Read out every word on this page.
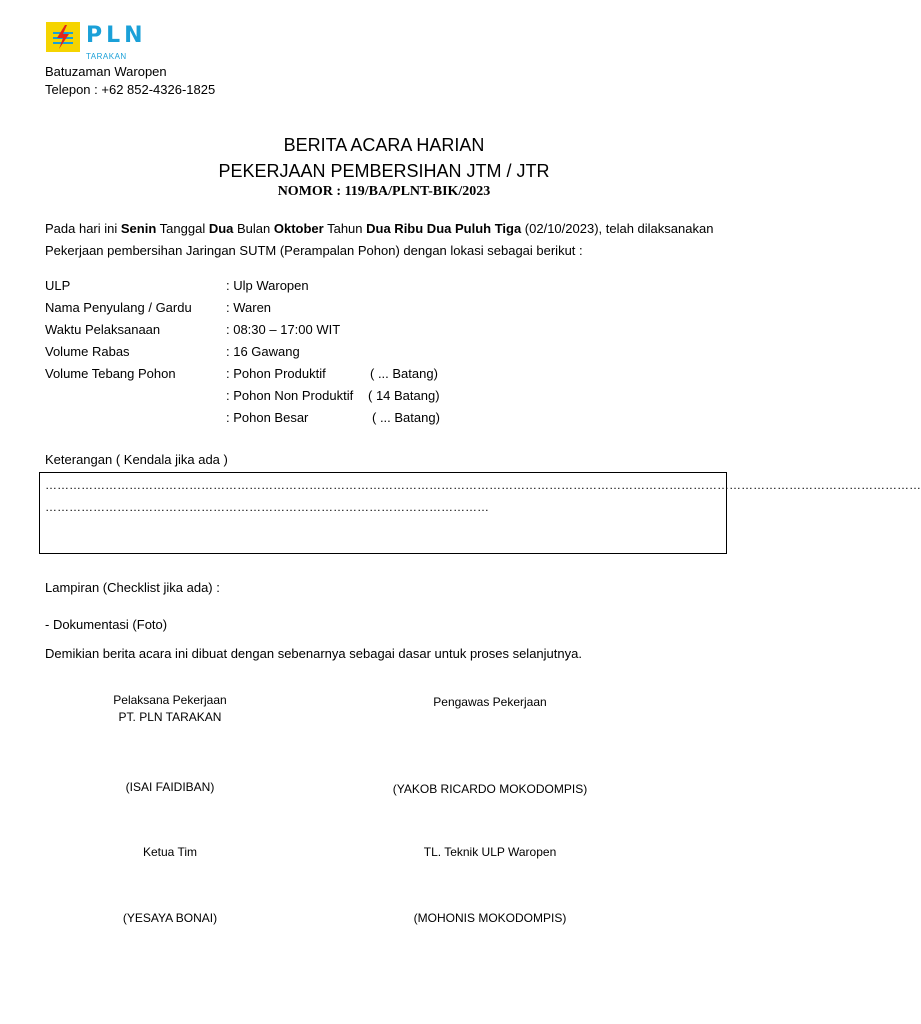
PLN
TARAKAN
Batuzaman Waropen
Telepon : +62 852-4326-1825
BERITA ACARA HARIAN
PEKERJAAN PEMBERSIHAN JTM / JTR
NOMOR : 119/BA/PLNT-BIK/2023
Pada hari ini Senin Tanggal Dua Bulan Oktober Tahun Dua Ribu Dua Puluh Tiga (02/10/2023), telah dilaksanakan Pekerjaan pembersihan Jaringan SUTM (Perampalan Pohon) dengan lokasi sebagai berikut :
ULP	: Ulp Waropen
Nama Penyulang / Gardu	: Waren
Waktu Pelaksanaan	: 08:30 – 17:00 WIT
Volume Rabas	: 16 Gawang
Volume Tebang Pohon	: Pohon Produktif	( ... Batang)
: Pohon Non Produktif ( 14 Batang)
: Pohon Besar	( ... Batang)
Keterangan ( Kendala jika ada )
…………………………………………………………………………………………………………………………………………………………………………………………………
…………………………………………………………………………………………………
Lampiran (Checklist jika ada) :
- Dokumentasi (Foto)
Demikian berita acara ini dibuat dengan sebenarnya sebagai dasar untuk proses selanjutnya.
Pelaksana Pekerjaan
PT. PLN TARAKAN
Pengawas Pekerjaan
(ISAI FAIDIBAN)	(YAKOB RICARDO MOKODOMPIS)
Ketua Tim	TL. Teknik ULP Waropen
(YESAYA BONAI)	(MOHONIS MOKODOMPIS)
